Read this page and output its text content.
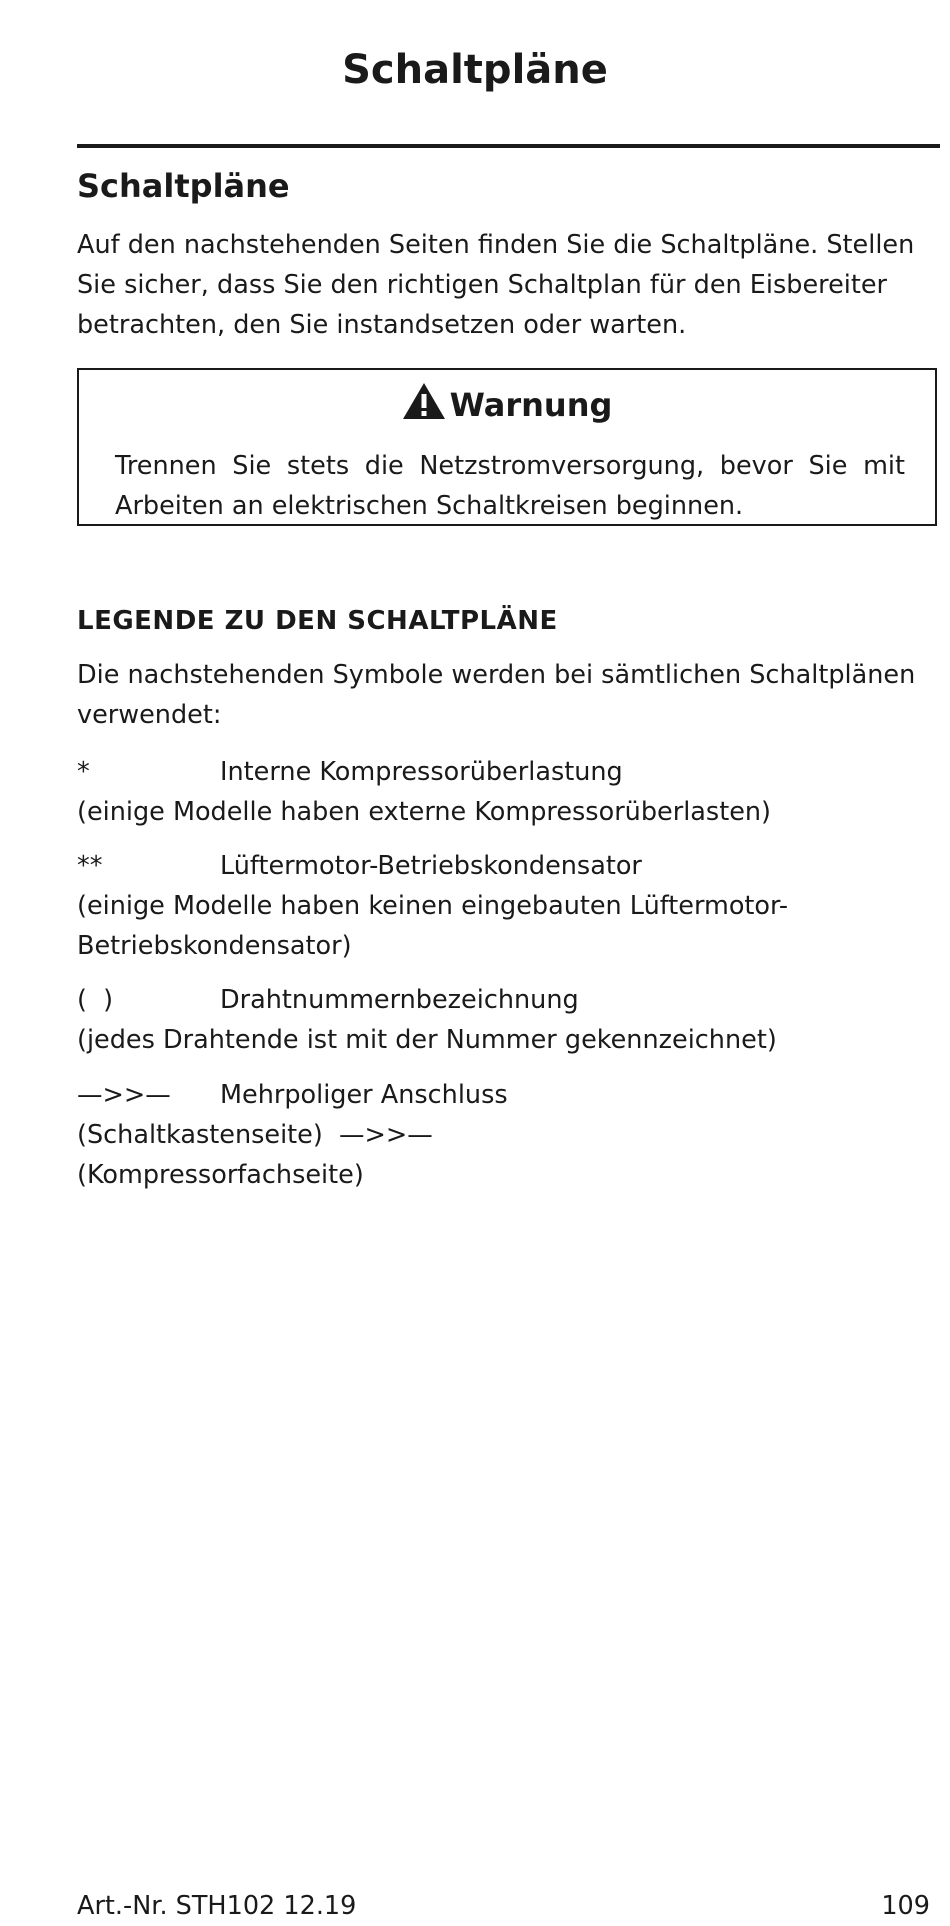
Schaltpläne
Schaltpläne
Auf den nachstehenden Seiten finden Sie die Schaltpläne. Stellen Sie sicher, dass Sie den richtigen Schaltplan für den Eisbereiter betrachten, den Sie instandsetzen oder warten.
Warnung
Trennen Sie stets die Netzstromversorgung, bevor Sie mit Arbeiten an elektrischen Schaltkreisen beginnen.
LEGENDE ZU DEN SCHALTPLÄNE
Die nachstehenden Symbole werden bei sämtlichen Schaltplänen verwendet:
*	Interne Kompressorüberlastung
(einige Modelle haben externe Kompressorüberlasten)
**	Lüftermotor-Betriebskondensator
(einige Modelle haben keinen eingebauten Lüftermotor-Betriebskondensator)
(  )	Drahtnummernbezeichnung
(jedes Drahtende ist mit der Nummer gekennzeichnet)
—>>— Mehrpoliger Anschluss
(Schaltkastenseite)  —>>—
(Kompressorfachseite)
Art.-Nr. STH102 12.19	109
